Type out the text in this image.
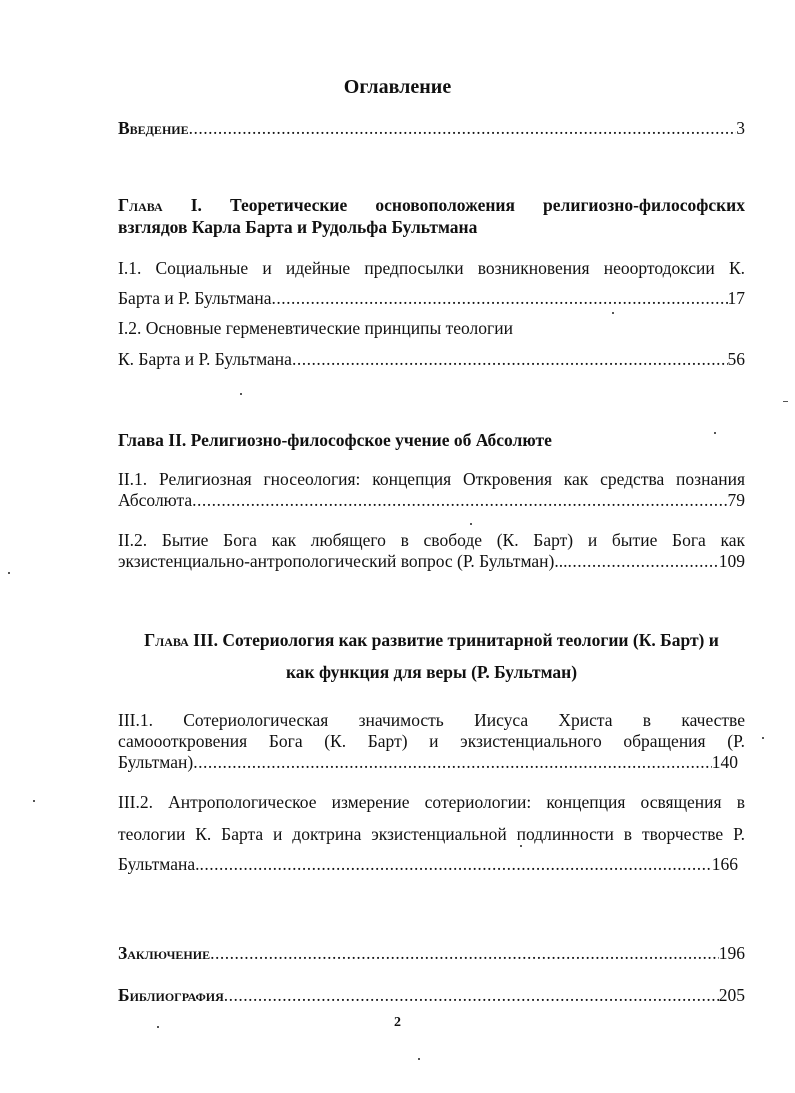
Оглавление
Введение .....	3
Глава I. Теоретические основоположения религиозно-философских
взглядов Карла Барта и Рудольфа Бультмана
I.1. Социальные и идейные предпосылки возникновения неоортодоксии К.
Барта и Р. Бультмана .....	17
I.2. Основные герменевтические принципы теологии
К. Барта и Р. Бультмана .....	56
Глава II. Религиозно-философское учение об Абсолюте
II.1. Религиозная гносеология: концепция Откровения как средства познания
Абсолюта .....	79
II.2. Бытие Бога как любящего в свободе (К. Барт) и бытие Бога как
экзистенциально-антропологический вопрос (Р. Бультман)... .....	109
Глава III. Сотериология как развитие тринитарной теологии (К. Барт) и
как функция для веры (Р. Бультман)
III.1. Сотериологическая значимость Иисуса Христа в качестве
самоооткровения Бога (К. Барт) и экзистенциального обращения (Р.
Бультман) .....	140
III.2. Антропологическое измерение сотериологии: концепция освящения в
теологии К. Барта и доктрина экзистенциальной подлинности в творчестве Р.
Бультмана. .....	166
Заключение .....	196
Библиография .....	205
2
